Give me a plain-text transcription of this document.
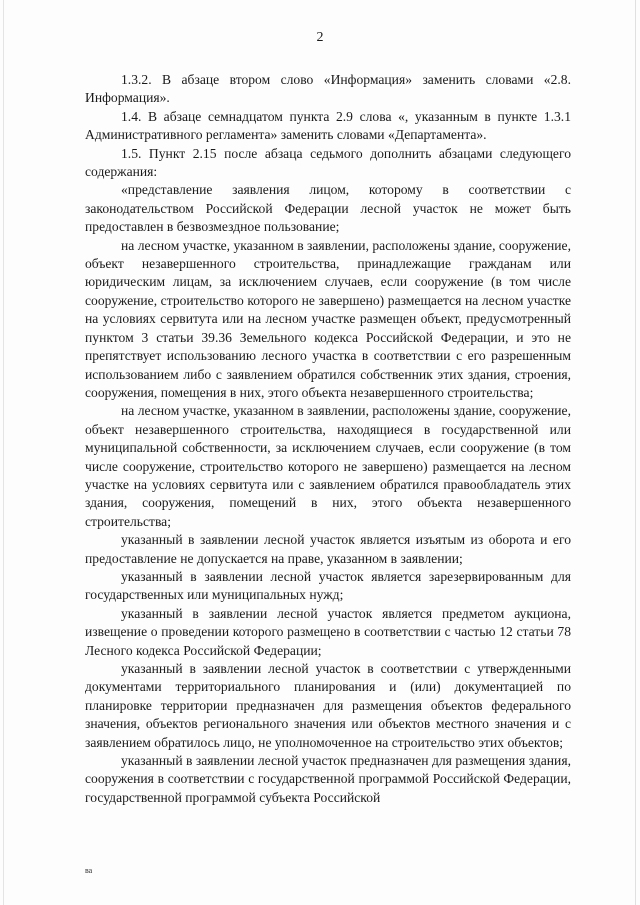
2

1.3.2. В абзаце втором слово «Информация» заменить словами «2.8. Информация».

1.4. В абзаце семнадцатом пункта 2.9 слова «, указанным в пункте 1.3.1 Административного регламента» заменить словами «Департамента».

1.5. Пункт 2.15 после абзаца седьмого дополнить абзацами следующего содержания:

«представление заявления лицом, которому в соответствии с законодательством Российской Федерации лесной участок не может быть предоставлен в безвозмездное пользование;

на лесном участке, указанном в заявлении, расположены здание, сооружение, объект незавершенного строительства, принадлежащие гражданам или юридическим лицам, за исключением случаев, если сооружение (в том числе сооружение, строительство которого не завершено) размещается на лесном участке на условиях сервитута или на лесном участке размещен объект, предусмотренный пунктом 3 статьи 39.36 Земельного кодекса Российской Федерации, и это не препятствует использованию лесного участка в соответствии с его разрешенным использованием либо с заявлением обратился собственник этих здания, строения, сооружения, помещения в них, этого объекта незавершенного строительства;

на лесном участке, указанном в заявлении, расположены здание, сооружение, объект незавершенного строительства, находящиеся в государственной или муниципальной собственности, за исключением случаев, если сооружение (в том числе сооружение, строительство которого не завершено) размещается на лесном участке на условиях сервитута или с заявлением обратился правообладатель этих здания, сооружения, помещений в них, этого объекта незавершенного строительства;

указанный в заявлении лесной участок является изъятым из оборота и его предоставление не допускается на праве, указанном в заявлении;

указанный в заявлении лесной участок является зарезервированным для государственных или муниципальных нужд;

указанный в заявлении лесной участок является предметом аукциона, извещение о проведении которого размещено в соответствии с частью 12 статьи 78 Лесного кодекса Российской Федерации;

указанный в заявлении лесной участок в соответствии с утвержденными документами территориального планирования и (или) документацией по планировке территории предназначен для размещения объектов федерального значения, объектов регионального значения или объектов местного значения и с заявлением обратилось лицо, не уполномоченное на строительство этих объектов;

указанный в заявлении лесной участок предназначен для размещения здания, сооружения в соответствии с государственной программой Российской Федерации, государственной программой субъекта Российской

ва
